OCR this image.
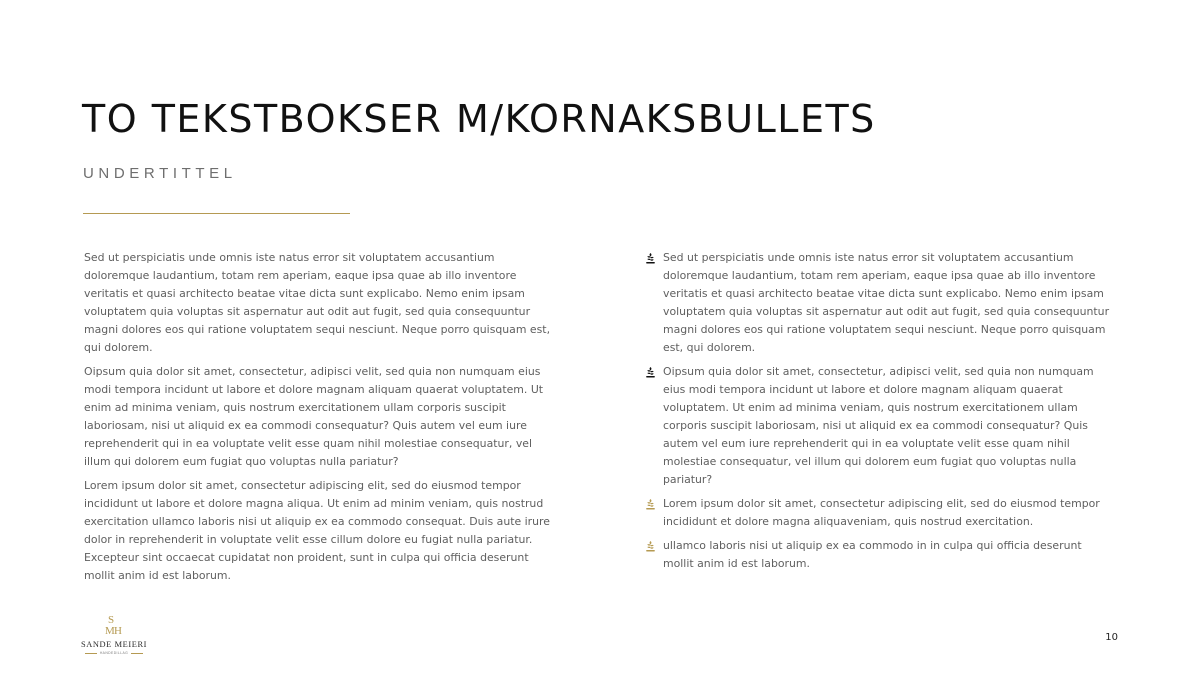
TO TEKSTBOKSER M/KORNAKSBULLETS
UNDERTITTEL

Sed ut perspiciatis unde omnis iste natus error sit voluptatem accusantium doloremque laudantium, totam rem aperiam, eaque ipsa quae ab illo inventore veritatis et quasi architecto beatae vitae dicta sunt explicabo. Nemo enim ipsam voluptatem quia voluptas sit aspernatur aut odit aut fugit, sed quia consequuntur magni dolores eos qui ratione voluptatem sequi nesciunt. Neque porro quisquam est, qui dolorem.

Oipsum quia dolor sit amet, consectetur, adipisci velit, sed quia non numquam eius modi tempora incidunt ut labore et dolore magnam aliquam quaerat voluptatem. Ut enim ad minima veniam, quis nostrum exercitationem ullam corporis suscipit laboriosam, nisi ut aliquid ex ea commodi consequatur? Quis autem vel eum iure reprehenderit qui in ea voluptate velit esse quam nihil molestiae consequatur, vel illum qui dolorem eum fugiat quo voluptas nulla pariatur?

Lorem ipsum dolor sit amet, consectetur adipiscing elit, sed do eiusmod tempor incididunt ut labore et dolore magna aliqua. Ut enim ad minim veniam, quis nostrud exercitation ullamco laboris nisi ut aliquip ex ea commodo consequat. Duis aute irure dolor in reprehenderit in voluptate velit esse cillum dolore eu fugiat nulla pariatur. Excepteur sint occaecat cupidatat non proident, sunt in culpa qui officia deserunt mollit anim id est laborum.

Sed ut perspiciatis unde omnis iste natus error sit voluptatem accusantium doloremque laudantium, totam rem aperiam, eaque ipsa quae ab illo inventore veritatis et quasi architecto beatae vitae dicta sunt explicabo. Nemo enim ipsam voluptatem quia voluptas sit aspernatur aut odit aut fugit, sed quia consequuntur magni dolores eos qui ratione voluptatem sequi nesciunt. Neque porro quisquam est, qui dolorem.
Oipsum quia dolor sit amet, consectetur, adipisci velit, sed quia non numquam eius modi tempora incidunt ut labore et dolore magnam aliquam quaerat voluptatem. Ut enim ad minima veniam, quis nostrum exercitationem ullam corporis suscipit laboriosam, nisi ut aliquid ex ea commodi consequatur? Quis autem vel eum iure reprehenderit qui in ea voluptate velit esse quam nihil molestiae consequatur, vel illum qui dolorem eum fugiat quo voluptas nulla pariatur?
Lorem ipsum dolor sit amet, consectetur adipiscing elit, sed do eiusmod tempor incididunt et dolore magna aliquaveniam, quis nostrud exercitation.
ullamco laboris nisi ut aliquip ex ea commodo in in culpa qui officia deserunt mollit anim id est laborum.
S
M H
SANDE MEIERI
HANDEDILLAG
10
